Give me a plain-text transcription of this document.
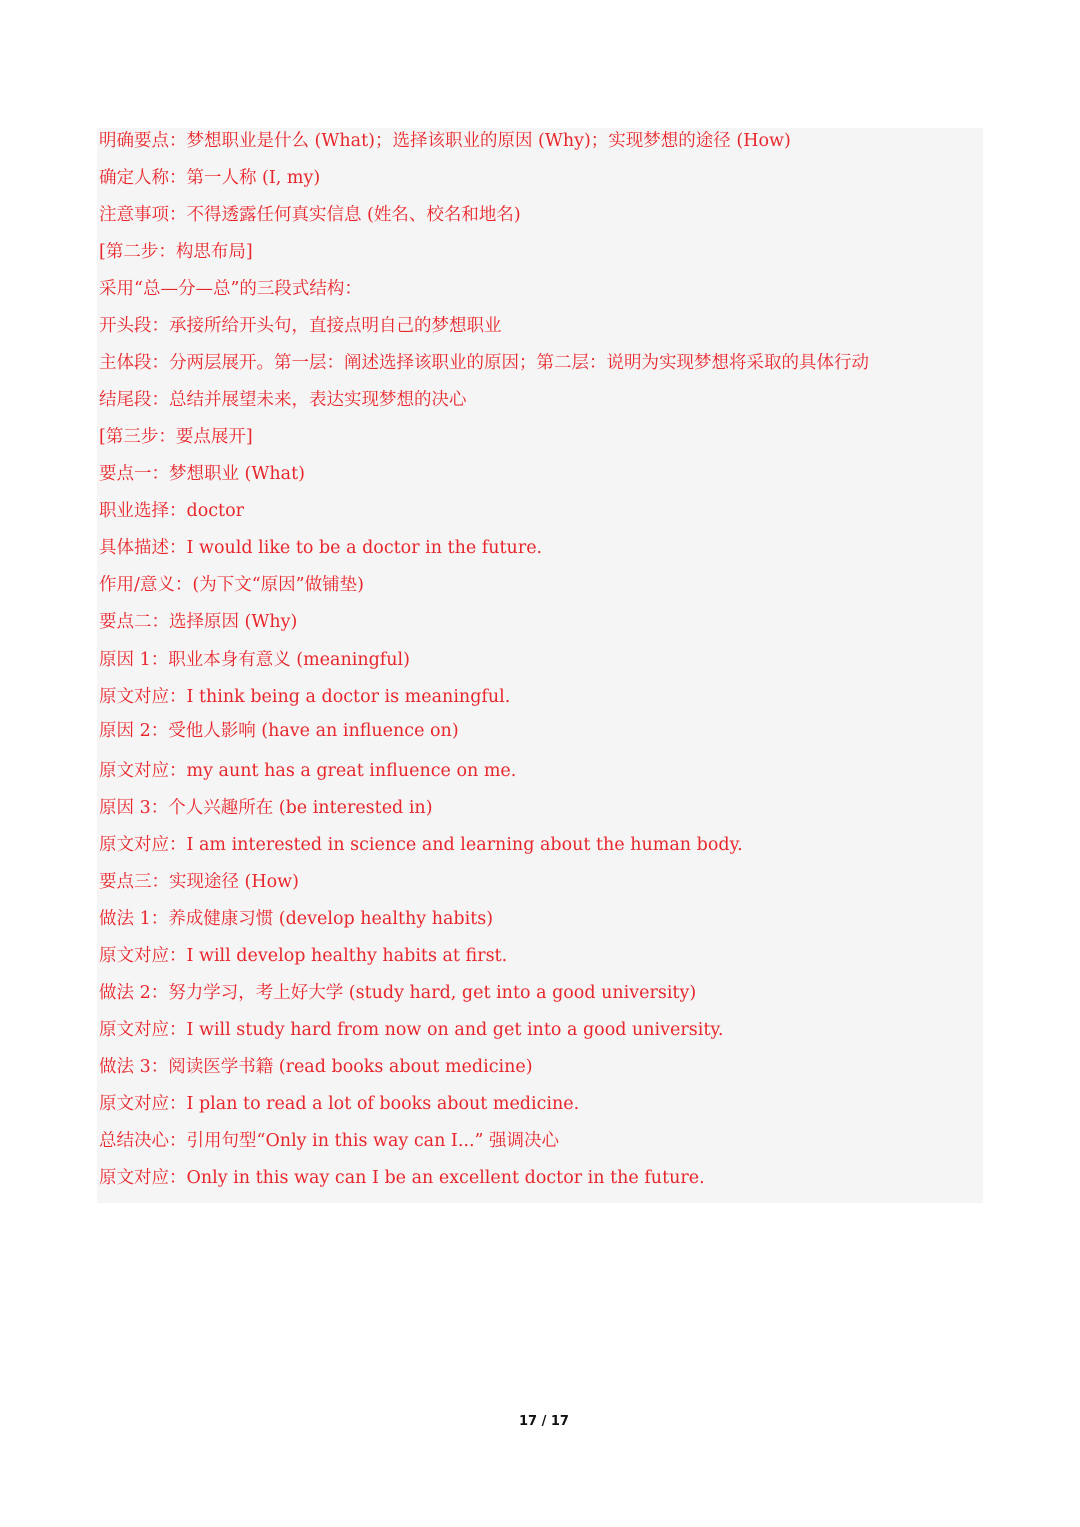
明确要点：梦想职业是什么 (What)；选择该职业的原因 (Why)；实现梦想的途径 (How)
确定人称：第一人称 (I, my)
注意事项：不得透露任何真实信息 (姓名、校名和地名)
[第二步：构思布局]
采用“总—分—总”的三段式结构：
开头段：承接所给开头句，直接点明自己的梦想职业
主体段：分两层展开。第一层：阐述选择该职业的原因；第二层：说明为实现梦想将采取的具体行动
结尾段：总结并展望未来，表达实现梦想的决心
[第三步：要点展开]
要点一：梦想职业 (What)
职业选择：doctor
具体描述：I would like to be a doctor in the future.
作用/意义：(为下文“原因”做铺垫)
要点二：选择原因 (Why)
原因 1：职业本身有意义 (meaningful)
原文对应：I think being a doctor is meaningful.
原因 2：受他人影响 (have an influence on)
原文对应：my aunt has a great influence on me.
原因 3：个人兴趣所在 (be interested in)
原文对应：I am interested in science and learning about the human body.
要点三：实现途径 (How)
做法 1：养成健康习惯 (develop healthy habits)
原文对应：I will develop healthy habits at first.
做法 2：努力学习，考上好大学 (study hard, get into a good university)
原文对应：I will study hard from now on and get into a good university.
做法 3：阅读医学书籍 (read books about medicine)
原文对应：I plan to read a lot of books about medicine.
总结决心：引用句型“Only in this way can I...” 强调决心
原文对应：Only in this way can I be an excellent doctor in the future.
17 / 17
